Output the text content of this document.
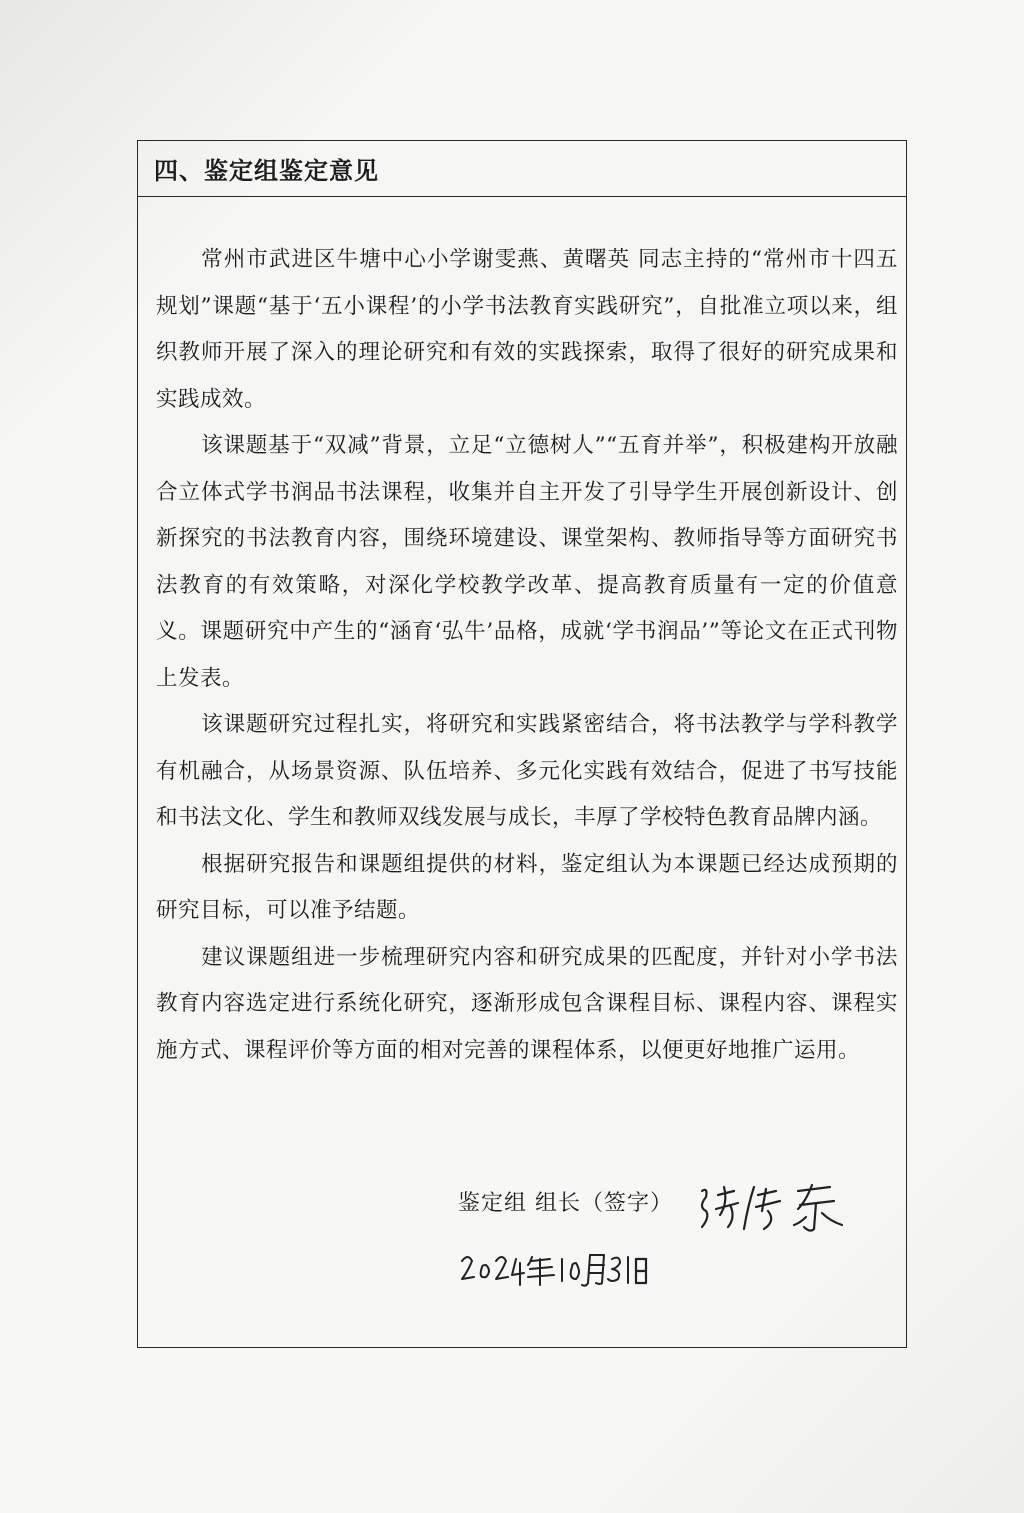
四、鉴定组鉴定意见

常州市武进区牛塘中心小学谢雯燕、黄曙英 同志主持的“常州市十四五规划”课题“基于‘五小课程’的小学书法教育实践研究”，自批准立项以来，组织教师开展了深入的理论研究和有效的实践探索，取得了很好的研究成果和实践成效。

该课题基于“双减”背景，立足“立德树人”“五育并举”，积极建构开放融合立体式学书润品书法课程，收集并自主开发了引导学生开展创新设计、创新探究的书法教育内容，围绕环境建设、课堂架构、教师指导等方面研究书法教育的有效策略，对深化学校教学改革、提高教育质量有一定的价值意义。课题研究中产生的“涵育‘弘牛’品格，成就‘学书润品’”等论文在正式刊物上发表。

该课题研究过程扎实，将研究和实践紧密结合，将书法教学与学科教学有机融合，从场景资源、队伍培养、多元化实践有效结合，促进了书写技能和书法文化、学生和教师双线发展与成长，丰厚了学校特色教育品牌内涵。

根据研究报告和课题组提供的材料，鉴定组认为本课题已经达成预期的研究目标，可以准予结题。

建议课题组进一步梳理研究内容和研究成果的匹配度，并针对小学书法教育内容选定进行系统化研究，逐渐形成包含课程目标、课程内容、课程实施方式、课程评价等方面的相对完善的课程体系，以便更好地推广运用。

鉴定组 组长（签字）
